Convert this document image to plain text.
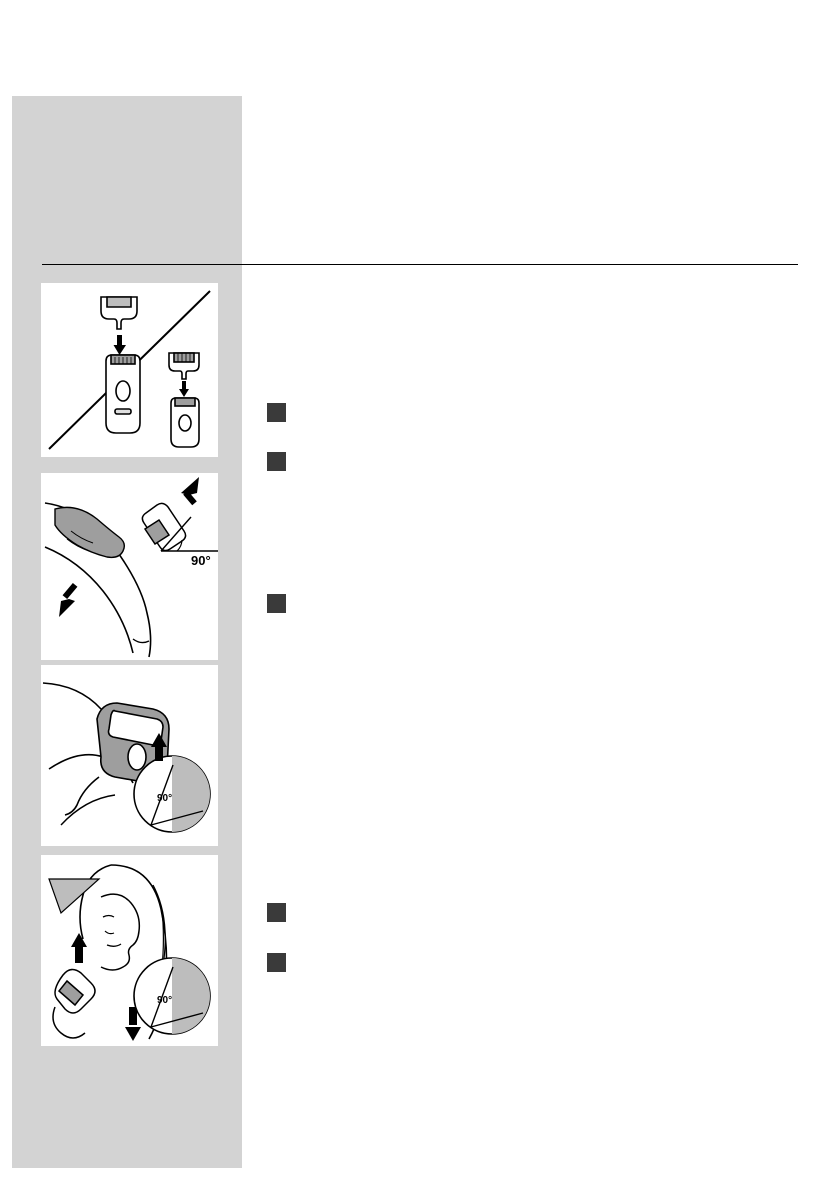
90°
90°
90°
